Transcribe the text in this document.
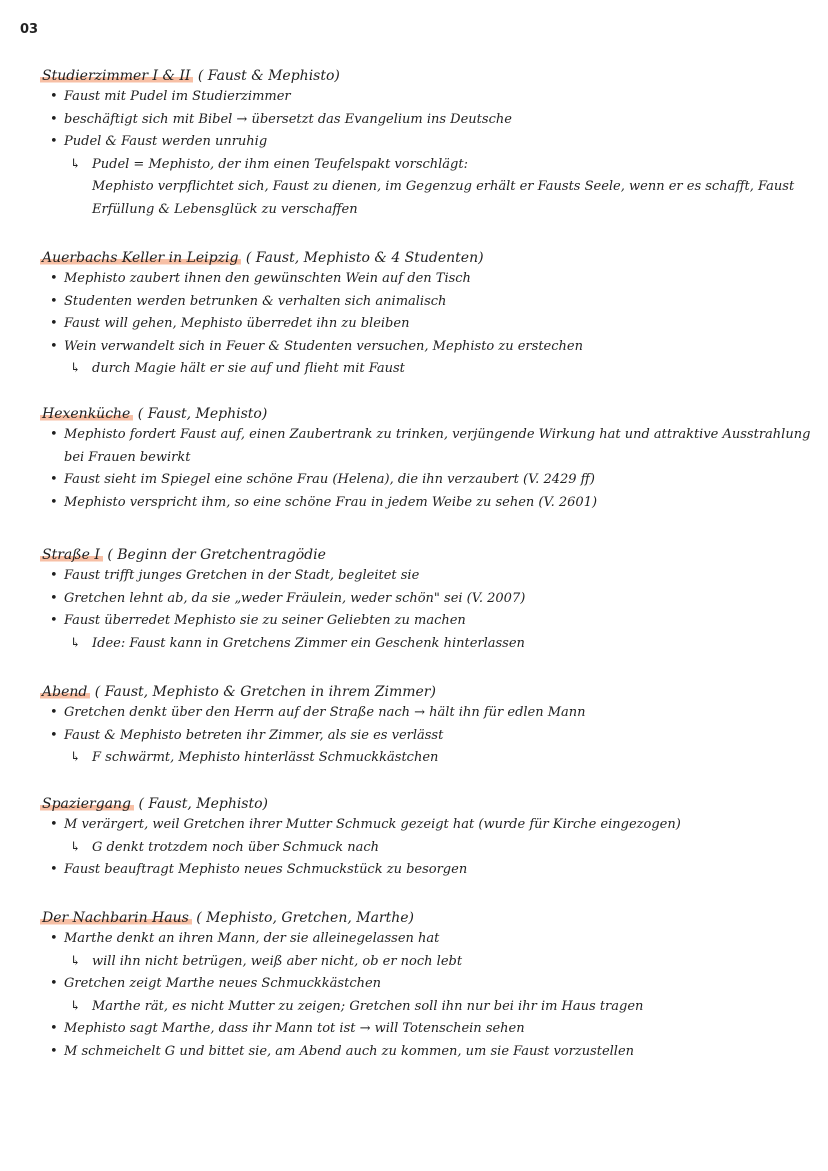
03
Studierzimmer I & II ( Faust & Mephisto)
• Faust mit Pudel im Studierzimmer
• beschäftigt sich mit Bibel → übersetzt das Evangelium ins Deutsche
• Pudel & Faust werden unruhig
↳ Pudel = Mephisto, der ihm einen Teufelspakt vorschlägt:
Mephisto verpflichtet sich, Faust zu dienen, im Gegenzug erhält er Fausts Seele, wenn er es schafft, Faust Erfüllung & Lebensglück zu verschaffen
Auerbachs Keller in Leipzig ( Faust, Mephisto & 4 Studenten)
• Mephisto zaubert ihnen den gewünschten Wein auf den Tisch
• Studenten werden betrunken & verhalten sich animalisch
• Faust will gehen, Mephisto überredet ihn zu bleiben
• Wein verwandelt sich in Feuer & Studenten versuchen, Mephisto zu erstechen
↳ durch Magie hält er sie auf und flieht mit Faust
Hexenküche ( Faust, Mephisto)
• Mephisto fordert Faust auf, einen Zaubertrank zu trinken, verjüngende Wirkung hat und attraktive Ausstrahlung bei Frauen bewirkt
• Faust sieht im Spiegel eine schöne Frau (Helena), die ihn verzaubert (V. 2429 ff)
• Mephisto verspricht ihm, so eine schöne Frau in jedem Weibe zu sehen (V. 2601)
Straße I ( Beginn der Gretchentragödie
• Faust trifft junges Gretchen in der Stadt, begleitet sie
• Gretchen lehnt ab, da sie „weder Fräulein, weder schön" sei (V. 2007)
• Faust überredet Mephisto sie zu seiner Geliebten zu machen
↳ Idee: Faust kann in Gretchens Zimmer ein Geschenk hinterlassen
Abend ( Faust, Mephisto & Gretchen in ihrem Zimmer)
• Gretchen denkt über den Herrn auf der Straße nach → hält ihn für edlen Mann
• Faust & Mephisto betreten ihr Zimmer, als sie es verlässt
↳ F schwärmt, Mephisto hinterlässt Schmuckkästchen
Spaziergang ( Faust, Mephisto)
• M verärgert, weil Gretchen ihrer Mutter Schmuck gezeigt hat (wurde für Kirche eingezogen)
↳ G denkt trotzdem noch über Schmuck nach
• Faust beauftragt Mephisto neues Schmuckstück zu besorgen
Der Nachbarin Haus ( Mephisto, Gretchen, Marthe)
• Marthe denkt an ihren Mann, der sie alleinegelassen hat
↳ will ihn nicht betrügen, weiß aber nicht, ob er noch lebt
• Gretchen zeigt Marthe neues Schmuckkästchen
↳ Marthe rät, es nicht Mutter zu zeigen; Gretchen soll ihn nur bei ihr im Haus tragen
• Mephisto sagt Marthe, dass ihr Mann tot ist → will Totenschein sehen
• M schmeichelt G und bittet sie, am Abend auch zu kommen, um sie Faust vorzustellen
